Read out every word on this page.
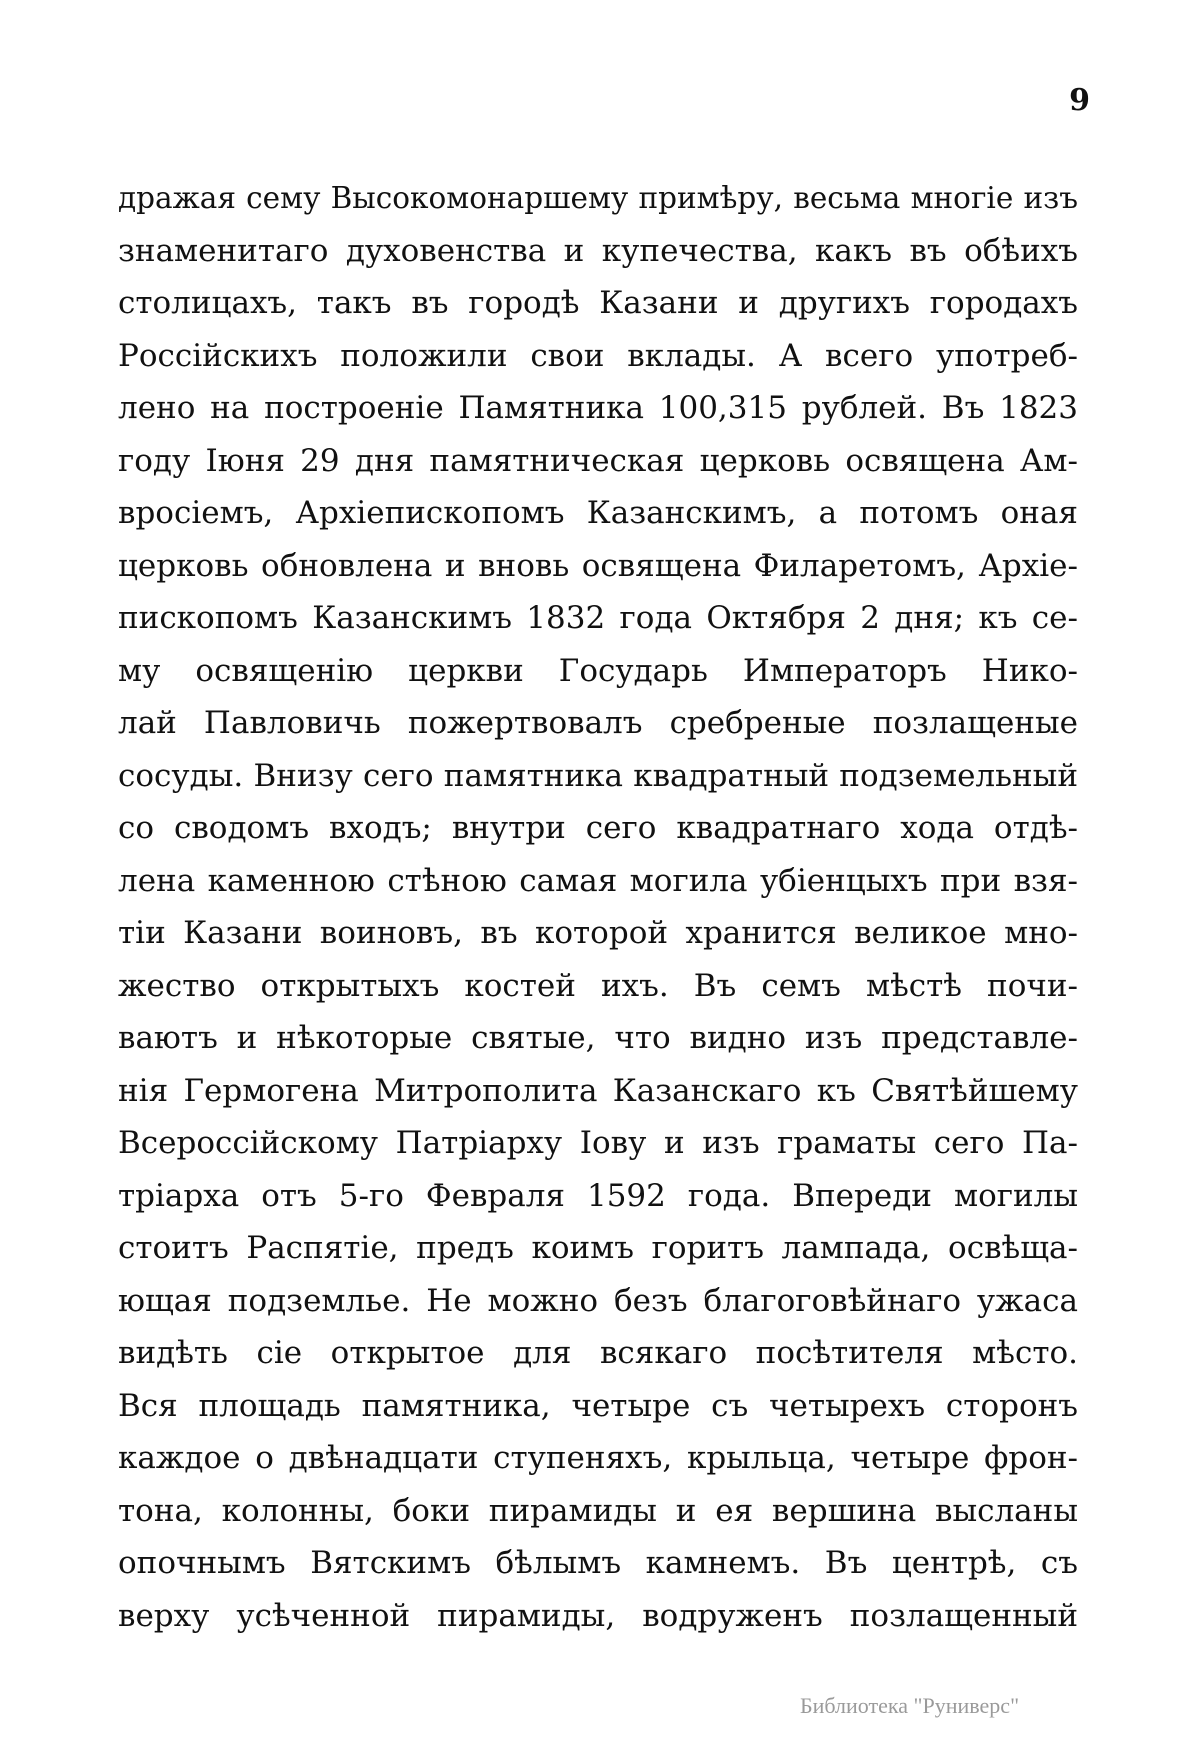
9
дражая сему Высокомонаршему примѣру, весьма многіе изъ
знаменитаго духовенства и купечества, какъ въ обѣихъ
столицахъ, такъ въ городѣ Казани и другихъ городахъ
Россійскихъ положили свои вклады. А всего употреб-
лено на построеніе Памятника 100,315 рублей. Въ 1823
году Іюня 29 дня памятническая церковь освящена Ам-
вросіемъ, Архіепископомъ Казанскимъ, а потомъ оная
церковь обновлена и вновь освящена Филаретомъ, Архіе-
пископомъ Казанскимъ 1832 года Октября 2 дня; къ се-
му освященію церкви Государь Императоръ Нико-
лай Павловичь пожертвовалъ сребреные позлащеные
сосуды. Внизу сего памятника квадратный подземельный
со сводомъ входъ; внутри сего квадратнаго хода отдѣ-
лена каменною стѣною самая могила убіенцыхъ при взя-
тіи Казани воиновъ, въ которой хранится великое мно-
жество открытыхъ костей ихъ. Въ семъ мѣстѣ почи-
ваютъ и нѣкоторые святые, что видно изъ представле-
нія Гермогена Митрополита Казанскаго къ Святѣйшему
Всероссійскому Патріарху Іову и изъ граматы сего Па-
тріарха отъ 5-го Февраля 1592 года. Впереди могилы
стоитъ Распятіе, предъ коимъ горитъ лампада, освѣща-
ющая подземлье. Не можно безъ благоговѣйнаго ужаса
видѣть сіе открытое для всякаго посѣтителя мѣсто.
Вся площадь памятника, четыре съ четырехъ сторонъ
каждое о двѣнадцати ступеняхъ, крыльца, четыре фрон-
тона, колонны, боки пирамиды и ея вершина высланы
опочнымъ Вятскимъ бѣлымъ камнемъ. Въ центрѣ, съ
верху усѣченной пирамиды, водруженъ позлащенный
Библиотека "Руниверс"
